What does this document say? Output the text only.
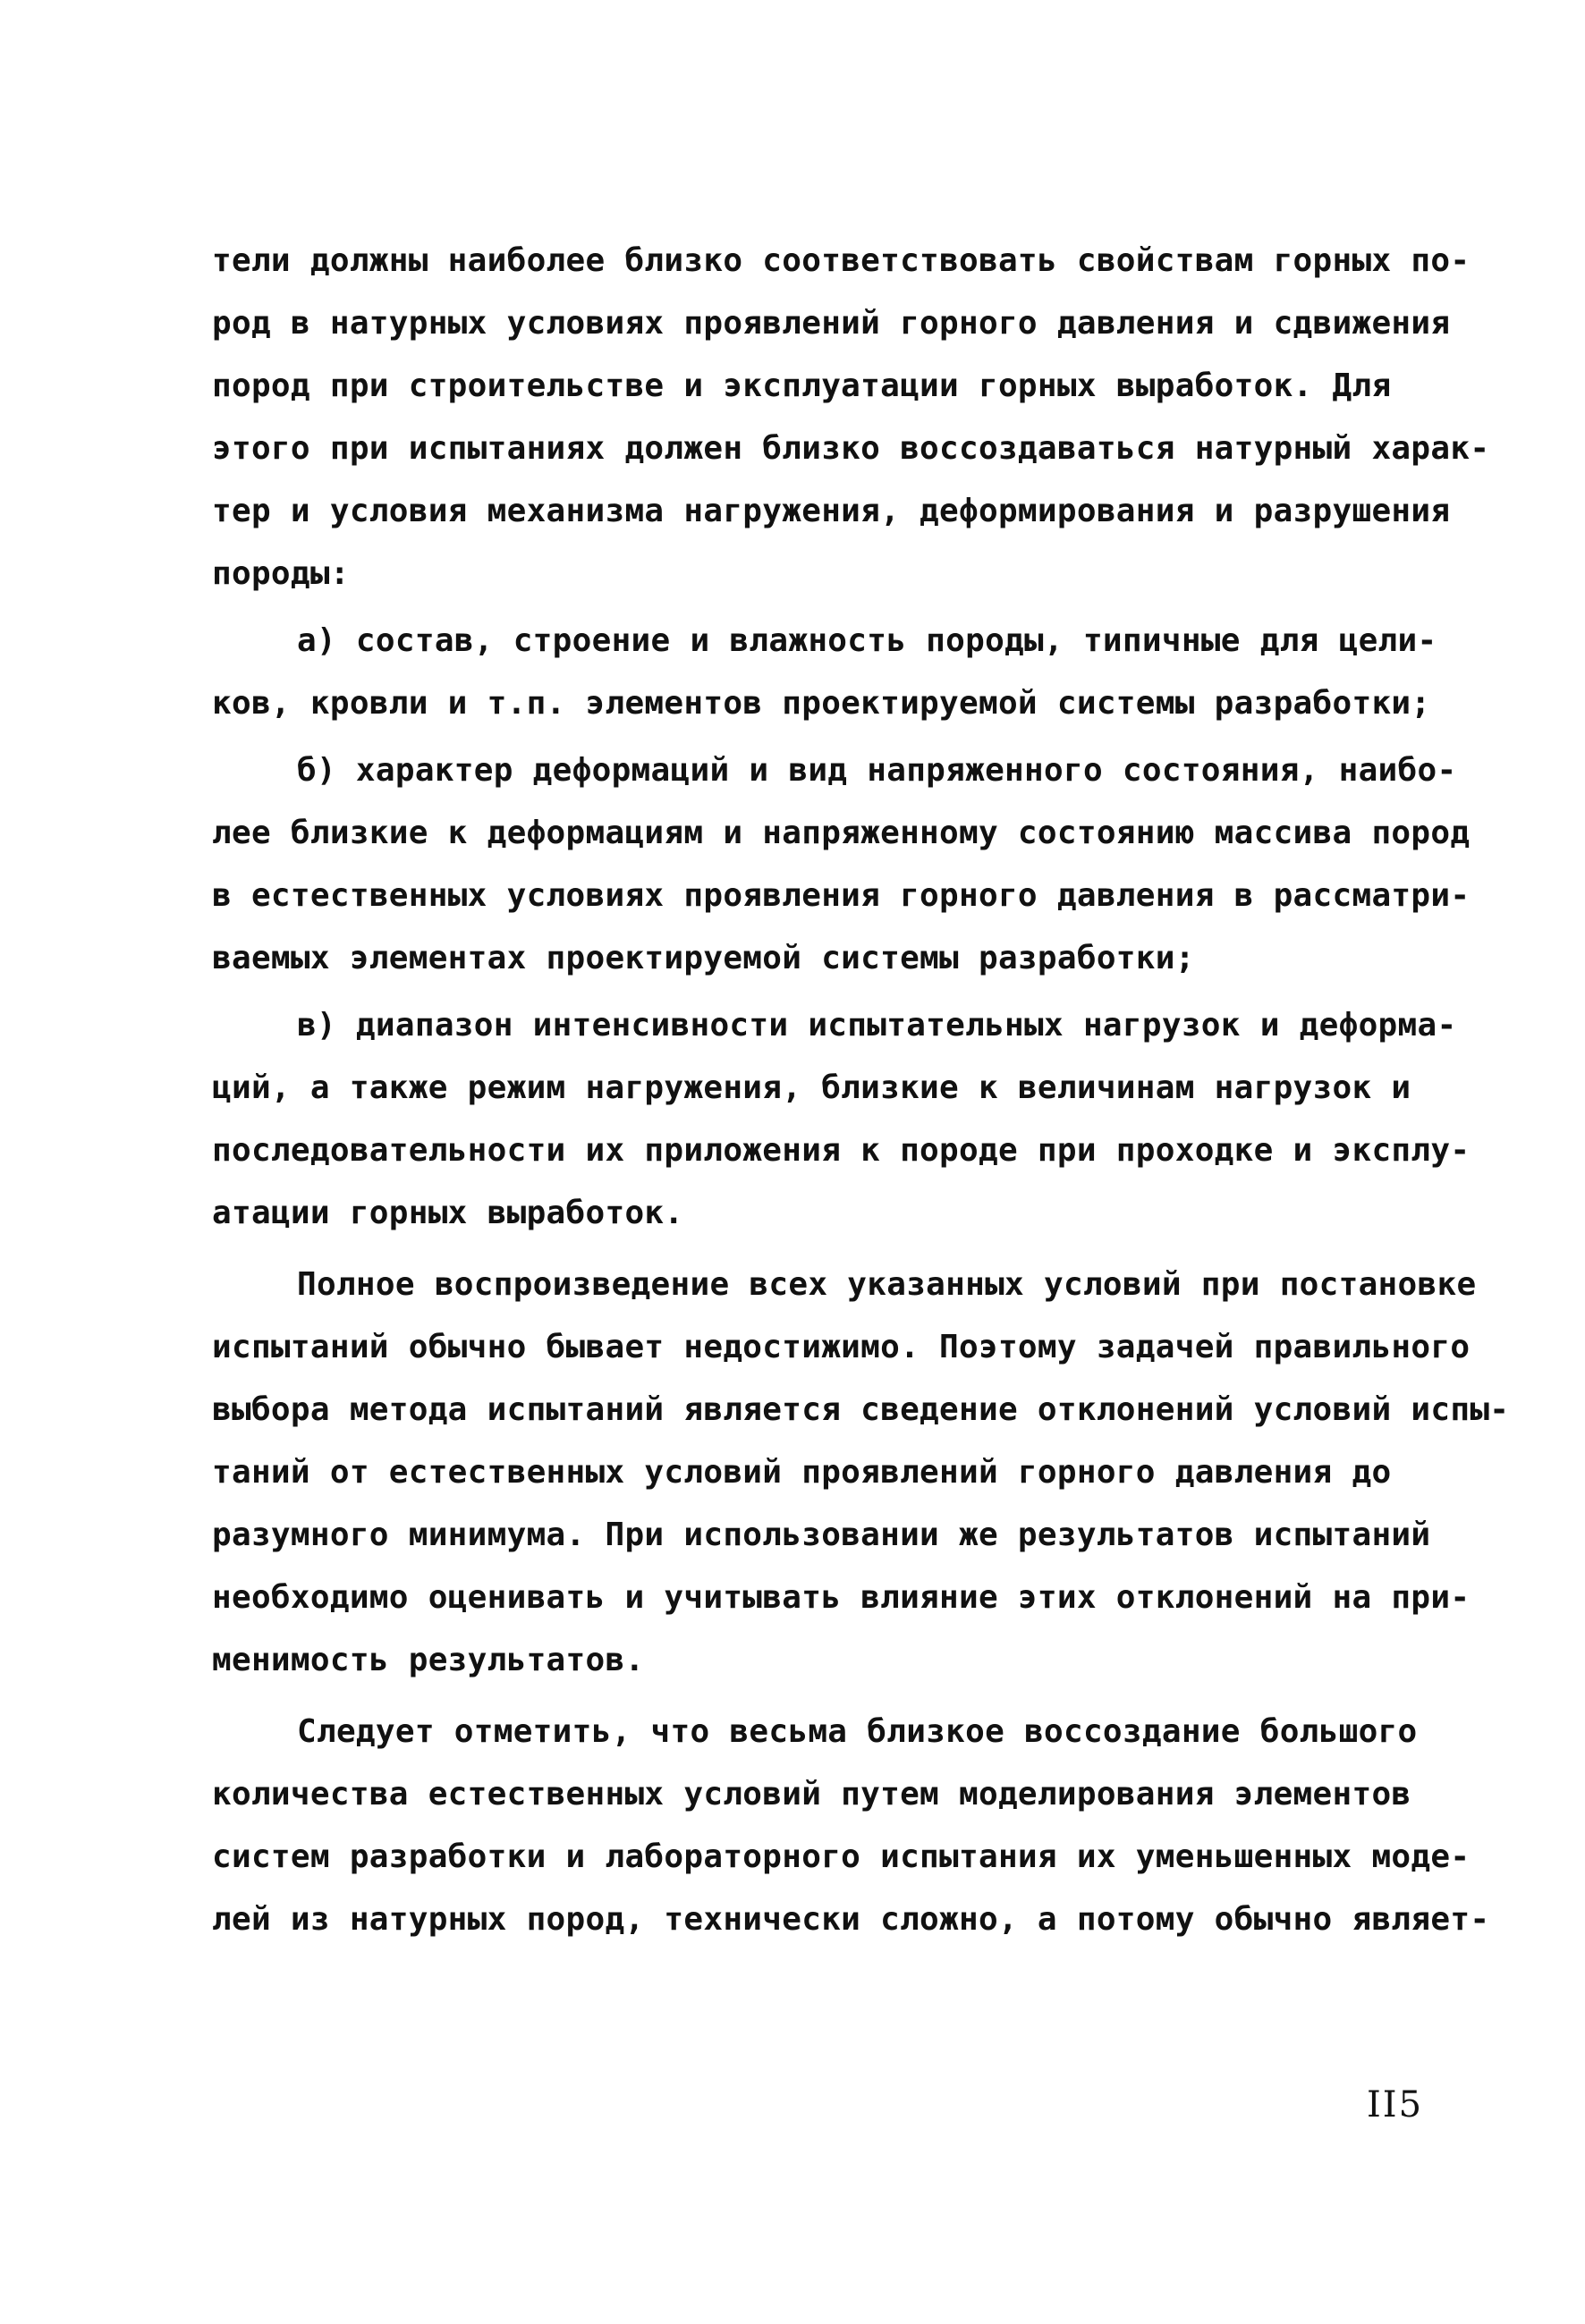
тели должны наиболее близко соответствовать свойствам горных по-
род в натурных условиях проявлений горного давления и сдвижения
пород при строительстве и эксплуатации горных выработок. Для
этого при испытаниях должен близко воссоздаваться натурный харак-
тер и условия механизма нагружения, деформирования и разрушения
породы:
а) состав, строение и влажность породы, типичные для цели-
ков, кровли и т.п. элементов проектируемой системы разработки;
б) характер деформаций и вид напряженного состояния, наибо-
лее близкие к деформациям и напряженному состоянию массива пород
в естественных условиях проявления горного давления в рассматри-
ваемых элементах проектируемой системы разработки;
в) диапазон интенсивности испытательных нагрузок и деформа-
ций, а также режим нагружения, близкие к величинам нагрузок и
последовательности их приложения к породе при проходке и эксплу-
атации горных выработок.
Полное воспроизведение всех указанных условий при постановке
испытаний обычно бывает недостижимо. Поэтому задачей правильного
выбора метода испытаний является сведение отклонений условий испы-
таний от естественных условий проявлений горного давления до
разумного минимума. При использовании же результатов испытаний
необходимо оценивать и учитывать влияние этих отклонений на при-
менимость результатов.
Следует отметить, что весьма близкое воссоздание большого
количества естественных условий путем моделирования элементов
систем разработки и лабораторного испытания их уменьшенных моде-
лей из натурных пород, технически сложно, а потому обычно являет-
II5
